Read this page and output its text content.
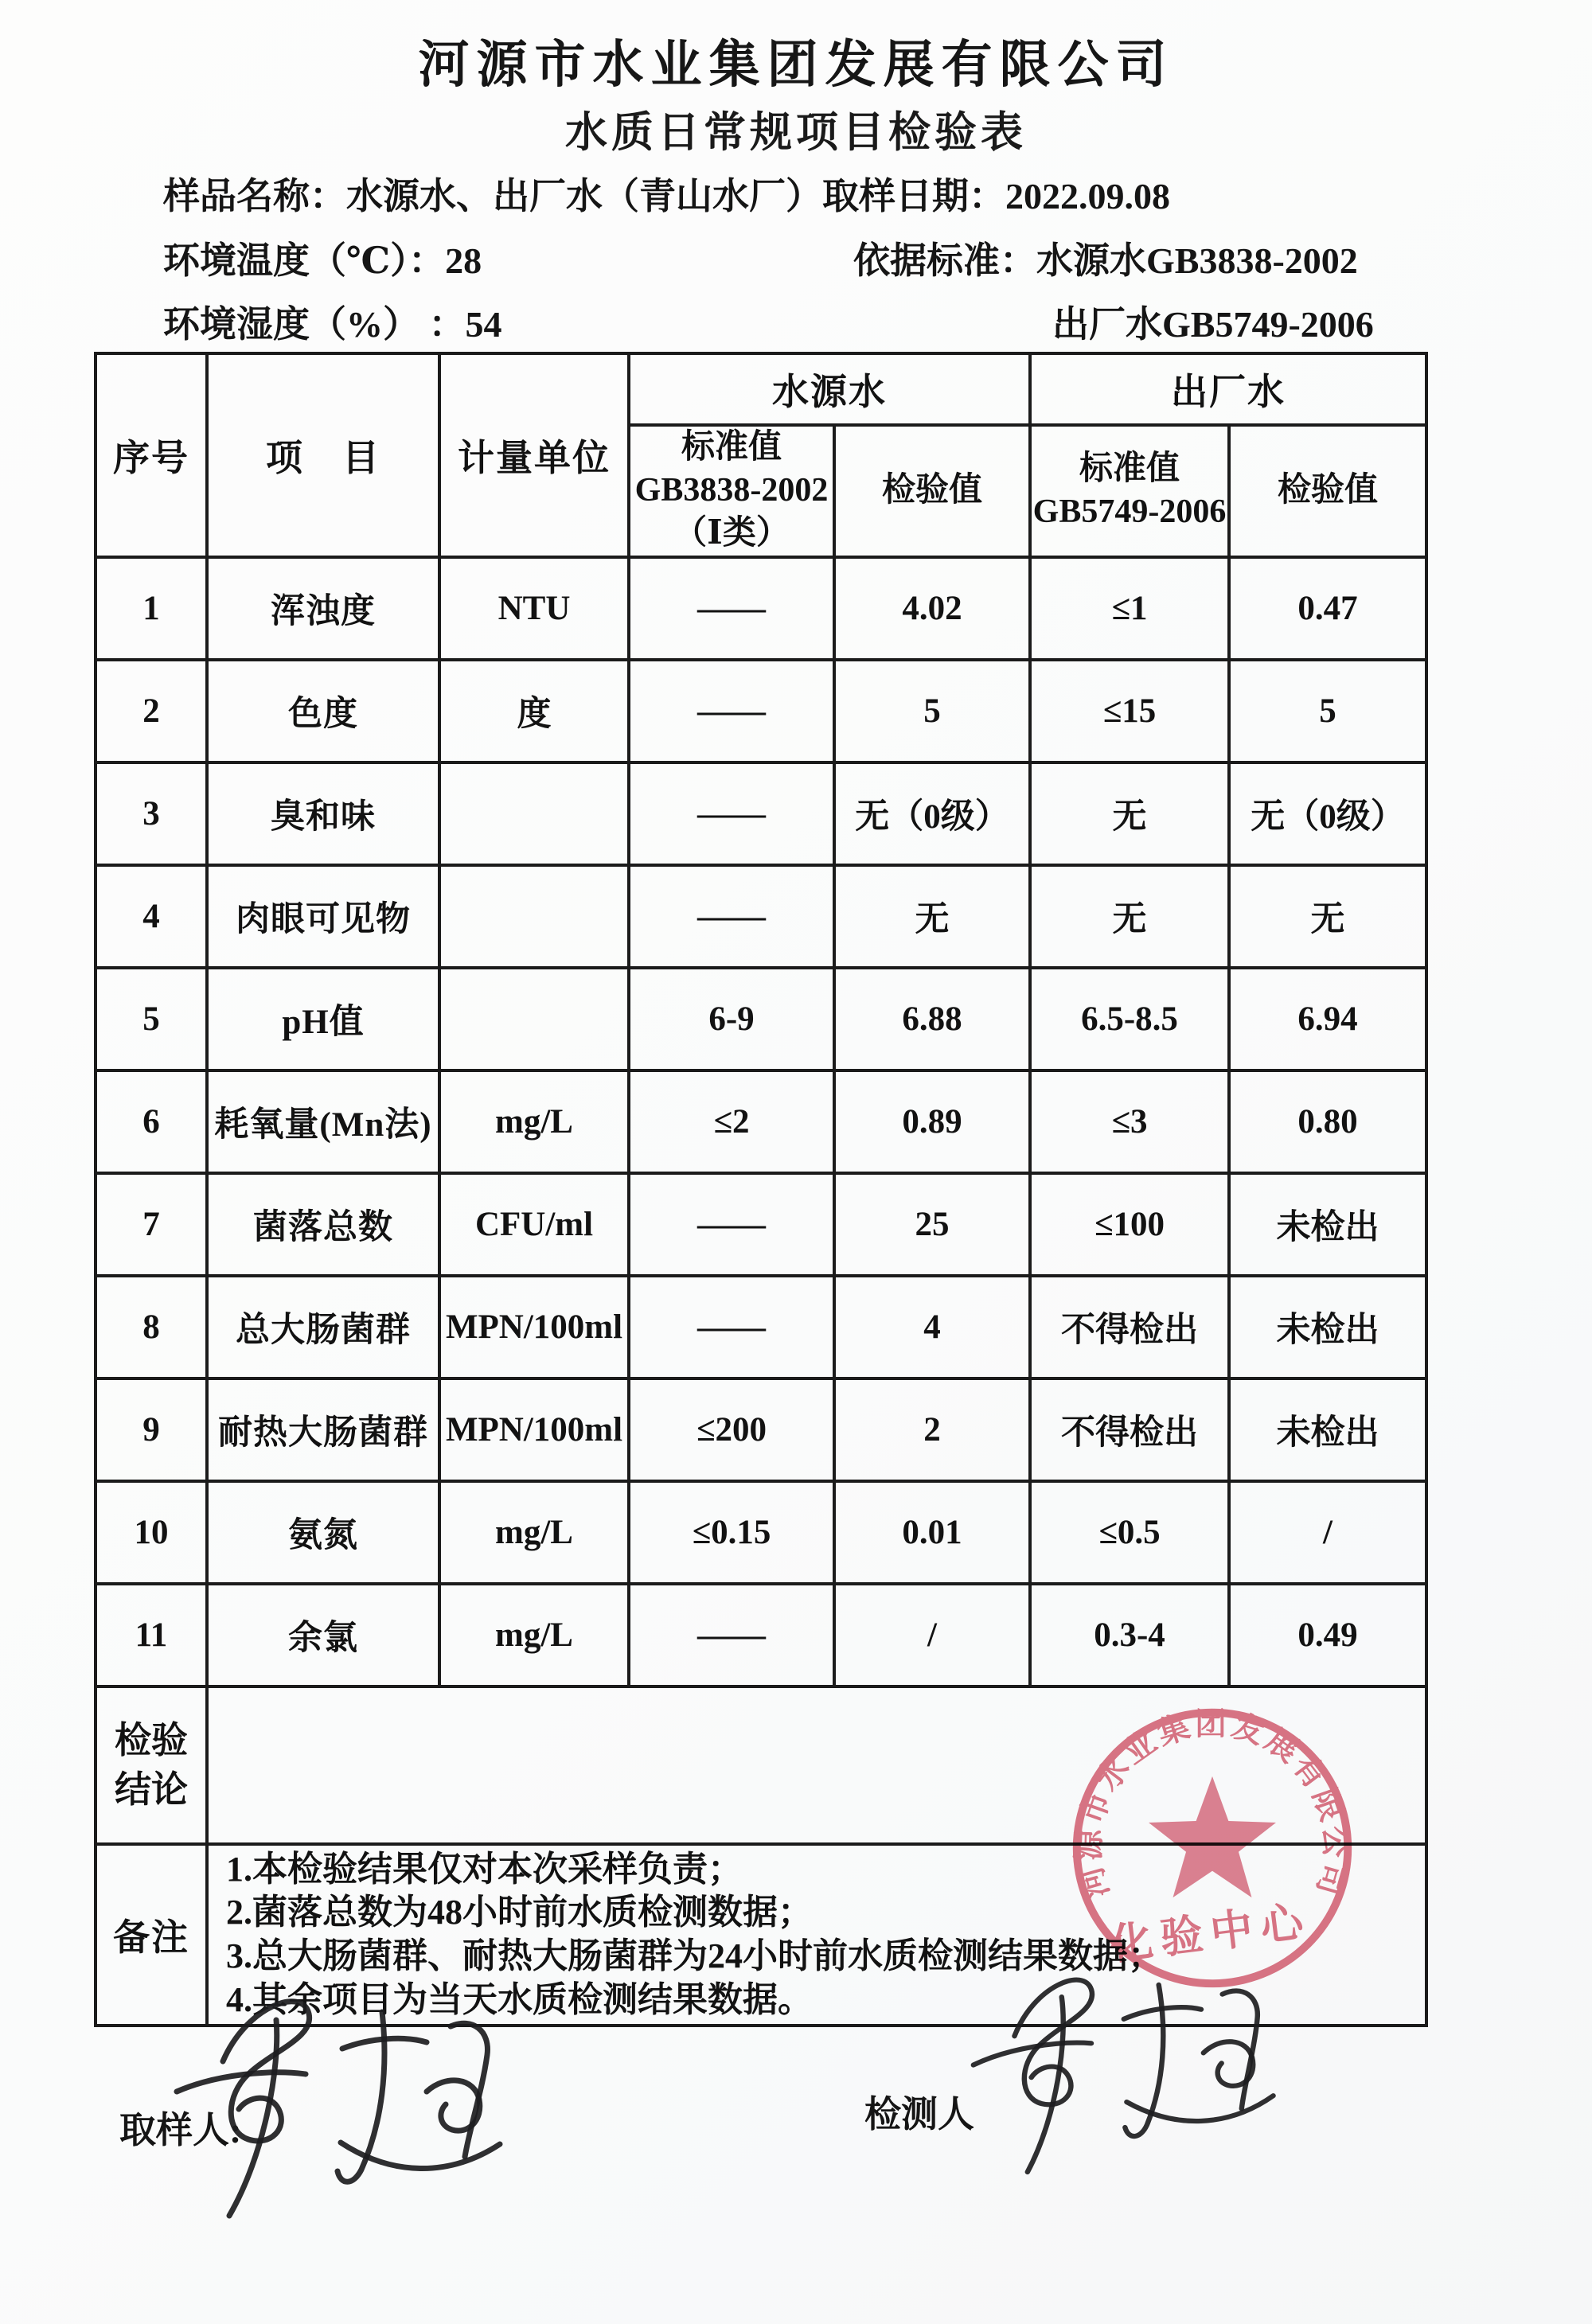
河源市水业集团发展有限公司
水质日常规项目检验表
样品名称：水源水、出厂水（青山水厂）取样日期：2022.09.08
环境温度（℃）：28	依据标准：水源水GB3838-2002
环境湿度（%） ：54	出厂水GB5749-2006
序号	项　目	计量单位	水源水		出厂水	

标准值
GB3838-2002
（Ⅰ类）
	检验值	
标准值
GB5749-2006
	检验值
1	浑浊度	NTU	——	4.02	≤1	0.47
2	色度	度	——	5	≤15	5
3	臭和味		——	无（0级）	无	无（0级）
4	肉眼可见物		——	无	无	无
5	pH值		6-9	6.88	6.5-8.5	6.94
6	耗氧量(Mn法)	mg/L	≤2	0.89	≤3	0.80
7	菌落总数	CFU/ml	——	25	≤100	未检出
8	总大肠菌群	MPN/100ml	——	4	不得检出	未检出
9	耐热大肠菌群	MPN/100ml	≤200	2	不得检出	未检出
10	氨氮	mg/L	≤0.15	0.01	≤0.5	/
11	余氯	mg/L	——	/	0.3-4	0.49

检验
结论						

备注	1.本检验结果仅对本次采样负责；
2.菌落总数为48小时前水质检测数据；
3.总大肠菌群、耐热大肠菌群为24小时前水质检测结果数据；
4.其余项目为当天水质检测结果数据。					
取样人:	检测人
河源市水业集团发展有限公司
化验中心
